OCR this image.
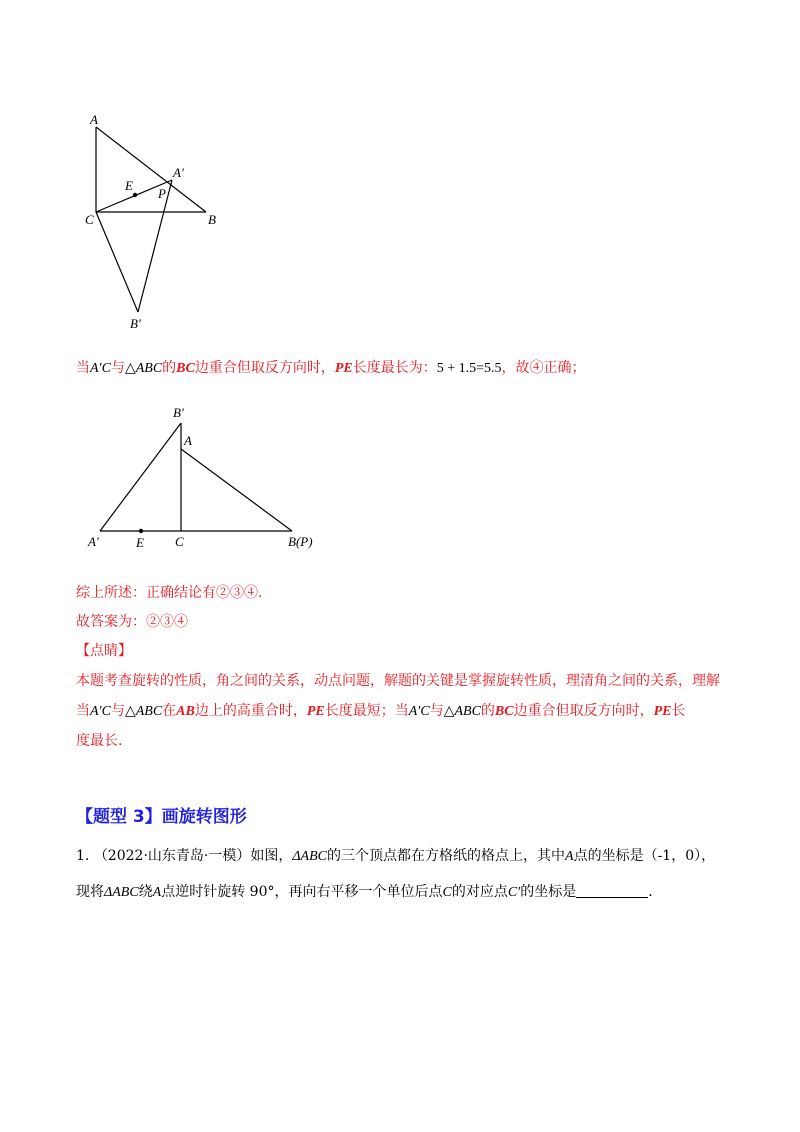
A
A′
E
P
C	B
B′
当A′C与△ABC的BC边重合但取反方向时，PE长度最长为：5 + 1.5=5.5，故④正确；
B′
A
A′	E C	B(P)
综上所述：正确结论有②③④.
故答案为：②③④
【点睛】
本题考查旋转的性质，角之间的关系，动点问题，解题的关键是掌握旋转性质，理清角之间的关系，理解
当A′C与△ABC在AB边上的高重合时，PE长度最短；当A′C与△ABC的BC边重合但取反方向时，PE长
度最长.
【题型 3】画旋转图形
1. （2022·山东青岛·一模）如图，ΔABC的三个顶点都在方格纸的格点上，其中A点的坐标是（-1，0），
现将ΔABC绕A点逆时针旋转 90°，再向右平移一个单位后点C的对应点C′的坐标是	.
